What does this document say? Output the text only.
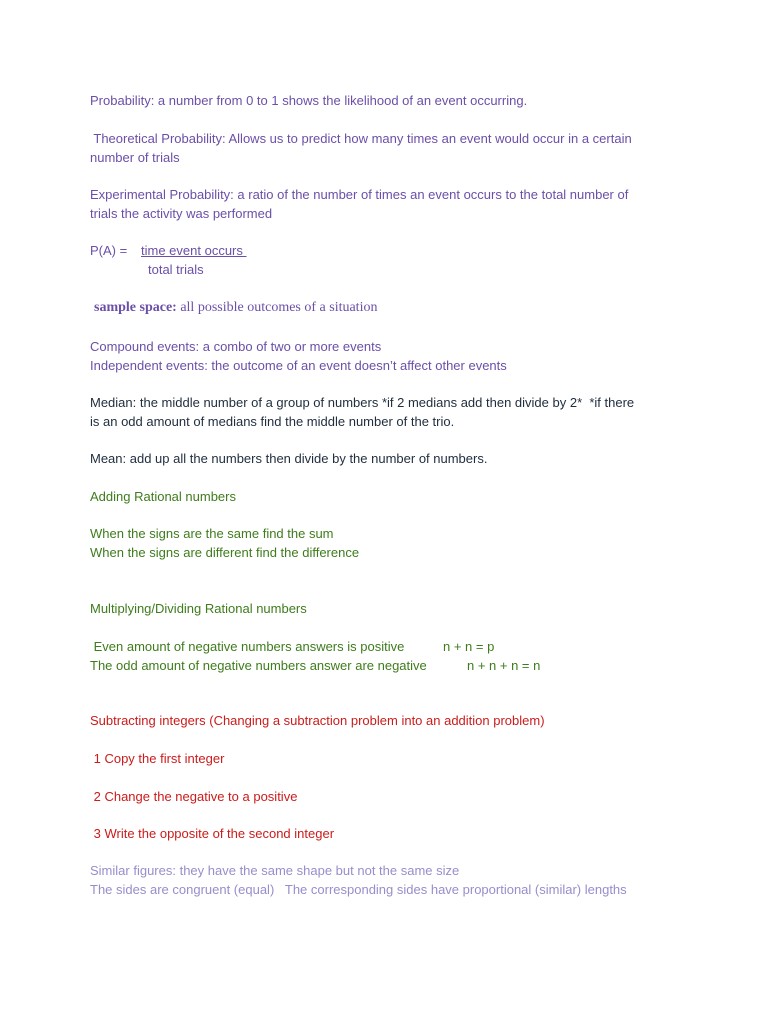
Probability: a number from 0 to 1 shows the likelihood of an event occurring.
Theoretical Probability: Allows us to predict how many times an event would occur in a certain
number of trials
Experimental Probability: a ratio of the number of times an event occurs to the total number of
trials the activity was performed
P(A) = time event occurs
total trials
sample space: all possible outcomes of a situation
Compound events: a combo of two or more events
Independent events: the outcome of an event doesn’t affect other events
Median: the middle number of a group of numbers *if 2 medians add then divide by 2*  *if there
is an odd amount of medians find the middle number of the trio.
Mean: add up all the numbers then divide by the number of numbers.
Adding Rational numbers
When the signs are the same find the sum
When the signs are different find the difference
Multiplying/Dividing Rational numbers
Even amount of negative numbers answers is positive	n + n = p
The odd amount of negative numbers answer are negative	n + n + n = n
Subtracting integers (Changing a subtraction problem into an addition problem)
1 Copy the first integer
2 Change the negative to a positive
3 Write the opposite of the second integer
Similar figures: they have the same shape but not the same size
The sides are congruent (equal)   The corresponding sides have proportional (similar) lengths
